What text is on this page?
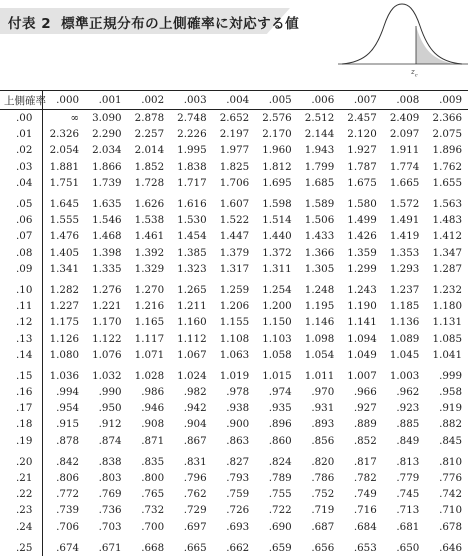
付表 2 標準正規分布の上側確率に対応する値
$z_c$
上側確率	.000	.001	.002	.003	.004	.005	.006	.007	.008	.009
.00	∞	3.090	2.878	2.748	2.652	2.576	2.512	2.457	2.409	2.366
.01	2.326	2.290	2.257	2.226	2.197	2.170	2.144	2.120	2.097	2.075
.02	2.054	2.034	2.014	1.995	1.977	1.960	1.943	1.927	1.911	1.896
.03	1.881	1.866	1.852	1.838	1.825	1.812	1.799	1.787	1.774	1.762
.04	1.751	1.739	1.728	1.717	1.706	1.695	1.685	1.675	1.665	1.655
.05	1.645	1.635	1.626	1.616	1.607	1.598	1.589	1.580	1.572	1.563
.06	1.555	1.546	1.538	1.530	1.522	1.514	1.506	1.499	1.491	1.483
.07	1.476	1.468	1.461	1.454	1.447	1.440	1.433	1.426	1.419	1.412
.08	1.405	1.398	1.392	1.385	1.379	1.372	1.366	1.359	1.353	1.347
.09	1.341	1.335	1.329	1.323	1.317	1.311	1.305	1.299	1.293	1.287
.10	1.282	1.276	1.270	1.265	1.259	1.254	1.248	1.243	1.237	1.232
.11	1.227	1.221	1.216	1.211	1.206	1.200	1.195	1.190	1.185	1.180
.12	1.175	1.170	1.165	1.160	1.155	1.150	1.146	1.141	1.136	1.131
.13	1.126	1.122	1.117	1.112	1.108	1.103	1.098	1.094	1.089	1.085
.14	1.080	1.076	1.071	1.067	1.063	1.058	1.054	1.049	1.045	1.041
.15	1.036	1.032	1.028	1.024	1.019	1.015	1.011	1.007	1.003	.999
.16	.994	.990	.986	.982	.978	.974	.970	.966	.962	.958
.17	.954	.950	.946	.942	.938	.935	.931	.927	.923	.919
.18	.915	.912	.908	.904	.900	.896	.893	.889	.885	.882
.19	.878	.874	.871	.867	.863	.860	.856	.852	.849	.845
.20	.842	.838	.835	.831	.827	.824	.820	.817	.813	.810
.21	.806	.803	.800	.796	.793	.789	.786	.782	.779	.776
.22	.772	.769	.765	.762	.759	.755	.752	.749	.745	.742
.23	.739	.736	.732	.729	.726	.722	.719	.716	.713	.710
.24	.706	.703	.700	.697	.693	.690	.687	.684	.681	.678
.25	.674	.671	.668	.665	.662	.659	.656	.653	.650	.646
